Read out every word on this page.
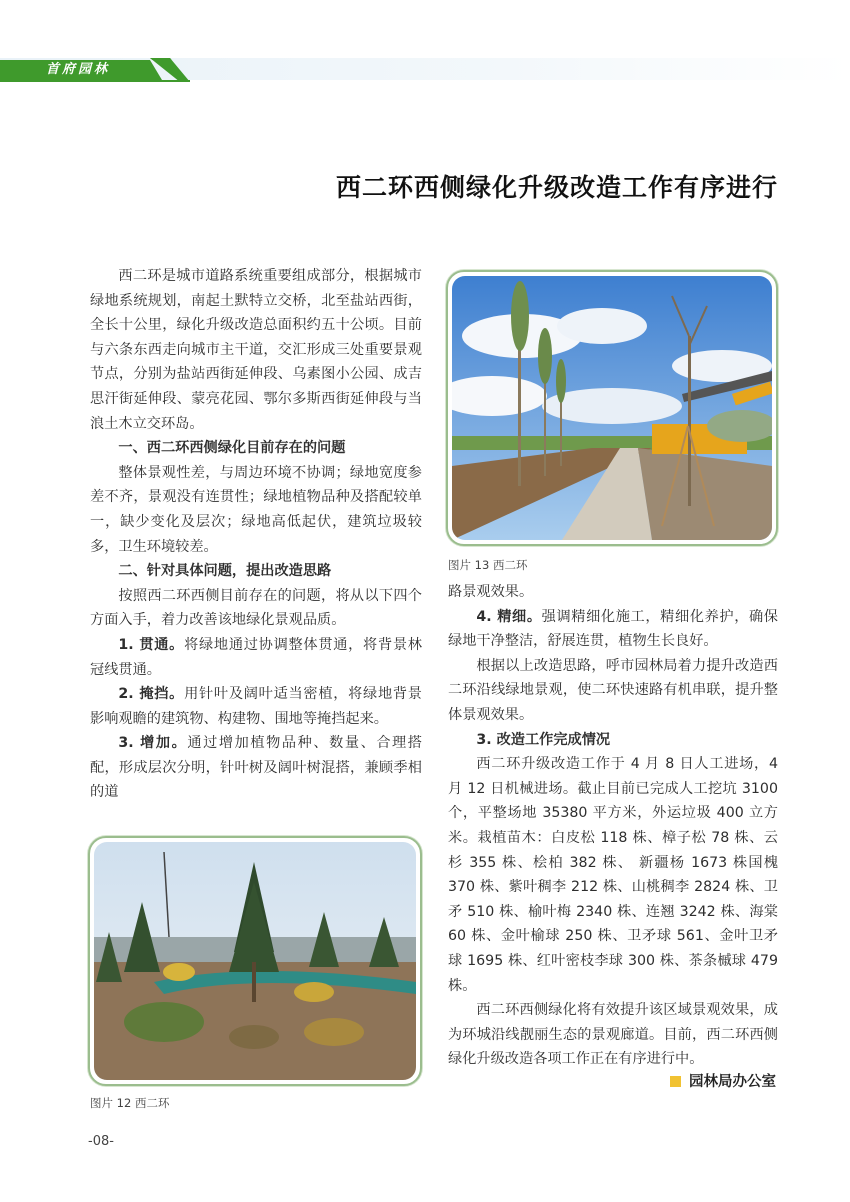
首府园林
西二环西侧绿化升级改造工作有序进行

西二环是城市道路系统重要组成部分，根据城市绿地系统规划，南起土默特立交桥，北至盐站西街，全长十公里，绿化升级改造总面积约五十公顷。目前与六条东西走向城市主干道，交汇形成三处重要景观节点，分别为盐站西街延伸段、乌素图小公园、成吉思汗街延伸段、蒙亮花园、鄂尔多斯西街延伸段与当浪土木立交环岛。

一、西二环西侧绿化目前存在的问题

整体景观性差，与周边环境不协调；绿地宽度参差不齐，景观没有连贯性；绿地植物品种及搭配较单一，缺少变化及层次；绿地高低起伏，建筑垃圾较多，卫生环境较差。

二、针对具体问题，提出改造思路

按照西二环西侧目前存在的问题，将从以下四个方面入手，着力改善该地绿化景观品质。

1. 贯通。将绿地通过协调整体贯通，将背景林冠线贯通。

2. 掩挡。用针叶及阔叶适当密植，将绿地背景影响观瞻的建筑物、构建物、围地等掩挡起来。

3. 增加。通过增加植物品种、数量、合理搭配，形成层次分明，针叶树及阔叶树混搭，兼顾季相的道

图片 13 西二环

路景观效果。

4. 精细。强调精细化施工，精细化养护，确保绿地干净整洁，舒展连贯，植物生长良好。

根据以上改造思路，呼市园林局着力提升改造西二环沿线绿地景观，使二环快速路有机串联，提升整体景观效果。

3. 改造工作完成情况

西二环升级改造工作于 4 月 8 日人工进场，4 月 12 日机械进场。截止目前已完成人工挖坑 3100 个，平整场地 35380 平方米，外运垃圾 400 立方米。栽植苗木：白皮松 118 株、樟子松 78 株、云杉 355 株、桧柏 382 株、 新疆杨 1673 株国槐 370 株、紫叶稠李 212 株、山桃稠李 2824 株、卫矛 510 株、榆叶梅 2340 株、连翘 3242 株、海棠 60 株、金叶榆球 250 株、卫矛球 561、金叶卫矛球 1695 株、红叶密枝李球 300 株、茶条槭球 479 株。

西二环西侧绿化将有效提升该区域景观效果，成为环城沿线靓丽生态的景观廊道。目前，西二环西侧绿化升级改造各项工作正在有序进行中。

园林局办公室
图片 12 西二环
-08-
